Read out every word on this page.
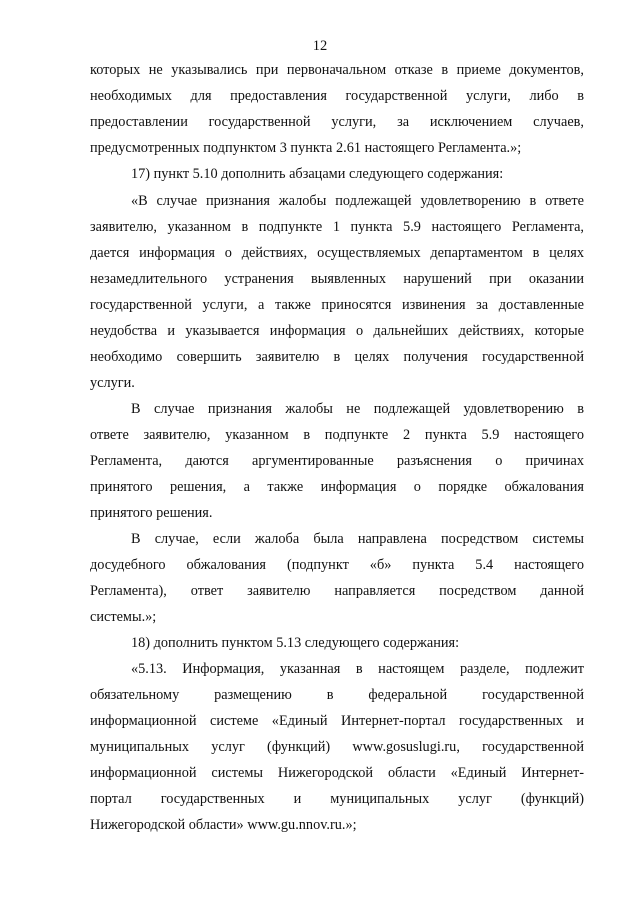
12
которых не указывались при первоначальном отказе в приеме документов,
необходимых для предоставления государственной услуги, либо в
предоставлении государственной услуги, за исключением случаев,
предусмотренных подпунктом 3 пункта 2.61 настоящего Регламента.»;
17) пункт 5.10 дополнить абзацами следующего содержания:
«В случае признания жалобы подлежащей удовлетворению в ответе
заявителю, указанном в подпункте 1 пункта 5.9 настоящего Регламента,
дается информация о действиях, осуществляемых департаментом в целях
незамедлительного устранения выявленных нарушений при оказании
государственной услуги, а также приносятся извинения за доставленные
неудобства и указывается информация о дальнейших действиях, которые
необходимо совершить заявителю в целях получения государственной
услуги.
В случае признания жалобы не подлежащей удовлетворению в
ответе заявителю, указанном в подпункте 2 пункта 5.9 настоящего
Регламента, даются аргументированные разъяснения о причинах
принятого решения, а также информация о порядке обжалования
принятого решения.
В случае, если жалоба была направлена посредством системы
досудебного обжалования (подпункт «б» пункта 5.4 настоящего
Регламента), ответ заявителю направляется посредством данной
системы.»;
18) дополнить пунктом 5.13 следующего содержания:
«5.13. Информация, указанная в настоящем разделе, подлежит
обязательному размещению в федеральной государственной
информационной системе «Единый Интернет-портал государственных и
муниципальных услуг (функций) www.gosuslugi.ru, государственной
информационной системы Нижегородской области «Единый Интернет-
портал государственных и муниципальных услуг (функций)
Нижегородской области» www.gu.nnov.ru.»;
